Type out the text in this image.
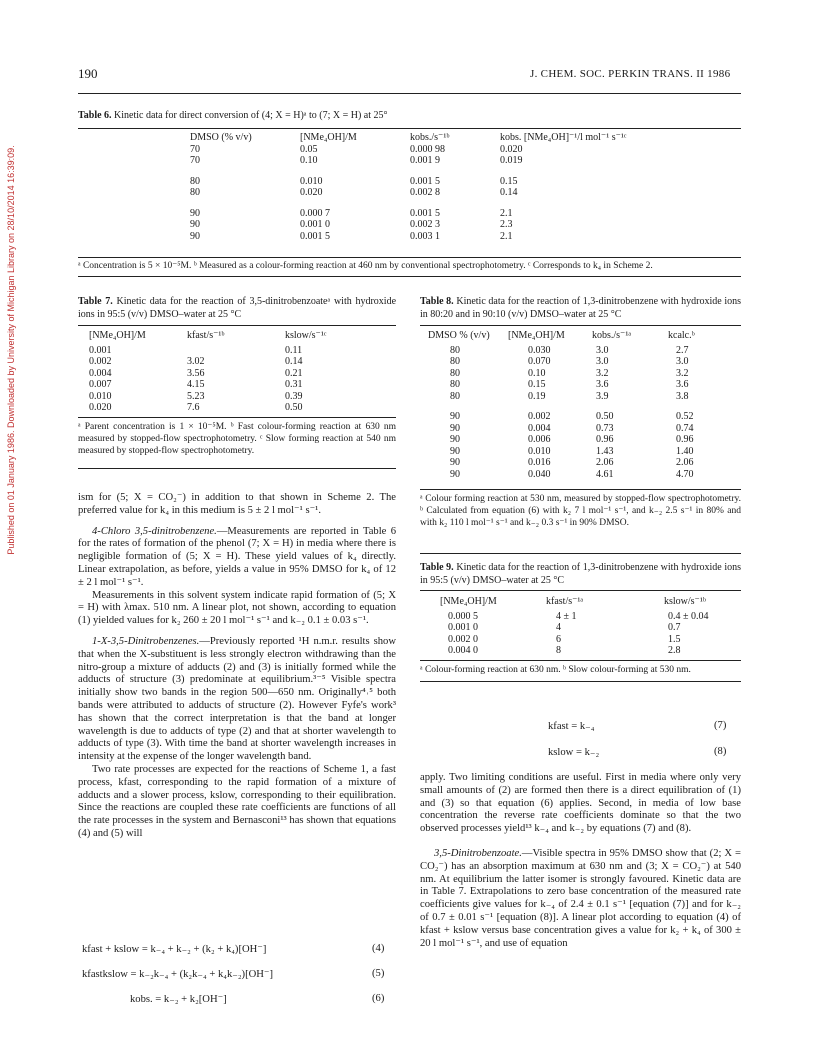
190	J. CHEM. SOC. PERKIN TRANS. II 1986
Published on 01 January 1986. Downloaded by University of Michigan Library on 28/10/2014 16:39:09.
Table 6. Kinetic data for direct conversion of (4; X = H)ᵃ to (7; X = H) at 25°
DMSO (% v/v)	[NMe₄OH]/M	kobs./s⁻¹ᵇ	kobs. [NMe₄OH]⁻¹/l mol⁻¹ s⁻¹ᶜ
70	0.05	0.000 98	0.020
70	0.10	0.001 9	0.019

80	0.010	0.001 5	0.15
80	0.020	0.002 8	0.14

90	0.000 7	0.001 5	2.1
90	0.001 0	0.002 3	2.3
90	0.001 5	0.003 1	2.1
ᵃ Concentration is 5 × 10⁻⁵M. ᵇ Measured as a colour-forming reaction at 460 nm by conventional spectrophotometry. ᶜ Corresponds to k₄ in Scheme 2.
Table 7. Kinetic data for the reaction of 3,5-dinitrobenzoateᵃ with hydroxide ions in 95:5 (v/v) DMSO–water at 25 °C
[NMe₄OH]/M	kfast/s⁻¹ᵇ	kslow/s⁻¹ᶜ

0.001		0.11
0.002	3.02	0.14
0.004	3.56	0.21
0.007	4.15	0.31
0.010	5.23	0.39
0.020	7.6	0.50
ᵃ Parent concentration is 1 × 10⁻⁵M. ᵇ Fast colour-forming reaction at 630 nm measured by stopped-flow spectrophotometry. ᶜ Slow forming reaction at 540 nm measured by stopped-flow spectrophotometry.
Table 8. Kinetic data for the reaction of 1,3-dinitrobenzene with hydroxide ions in 80:20 and in 90:10 (v/v) DMSO–water at 25 °C
DMSO % (v/v)	[NMe₄OH]/M	kobs./s⁻¹ᵃ	kcalc.ᵇ

80	0.030	3.0	2.7
80	0.070	3.0	3.0
80	0.10	3.2	3.2
80	0.15	3.6	3.6
80	0.19	3.9	3.8

90	0.002	0.50	0.52
90	0.004	0.73	0.74
90	0.006	0.96	0.96
90	0.010	1.43	1.40
90	0.016	2.06	2.06
90	0.040	4.61	4.70
ᵃ Colour forming reaction at 530 nm, measured by stopped-flow spectrophotometry. ᵇ Calculated from equation (6) with k₂ 7 l mol⁻¹ s⁻¹, and k₋₂ 2.5 s⁻¹ in 80% and with k₂ 110 l mol⁻¹ s⁻¹ and k₋₂ 0.3 s⁻¹ in 90% DMSO.
Table 9. Kinetic data for the reaction of 1,3-dinitrobenzene with hydroxide ions in 95:5 (v/v) DMSO–water at 25 °C
[NMe₄OH]/M	kfast/s⁻¹ᵃ	kslow/s⁻¹ᵇ

0.000 5	4 ± 1	0.4 ± 0.04
0.001 0	4	0.7
0.002 0	6	1.5
0.004 0	8	2.8
ᵃ Colour-forming reaction at 630 nm. ᵇ Slow colour-forming at 530 nm.

ism for (5; X = CO₂⁻) in addition to that shown in Scheme 2. The preferred value for k₄ in this medium is 5 ± 2 l mol⁻¹ s⁻¹.

4-Chloro 3,5-dinitrobenzene.—Measurements are reported in Table 6 for the rates of formation of the phenol (7; X = H) in media where there is negligible formation of (5; X = H). These yield values of k₄ directly. Linear extrapolation, as before, yields a value in 95% DMSO for k₄ of 12 ± 2 l mol⁻¹ s⁻¹.

Measurements in this solvent system indicate rapid formation of (5; X = H) with λmax. 510 nm. A linear plot, not shown, according to equation (1) yielded values for k₂ 260 ± 20 l mol⁻¹ s⁻¹ and k₋₂ 0.1 ± 0.03 s⁻¹.

1-X-3,5-Dinitrobenzenes.—Previously reported ¹H n.m.r. results show that when the X-substituent is less strongly electron withdrawing than the nitro-group a mixture of adducts (2) and (3) is initially formed while the adducts of structure (3) predominate at equilibrium.³⁻⁵ Visible spectra initially show two bands in the region 500—650 nm. Originally⁴˒⁵ both bands were attributed to adducts of structure (2). However Fyfe's work³ has shown that the correct interpretation is that the band at longer wavelength is due to adducts of type (2) and that at shorter wavelength to adducts of type (3). With time the band at shorter wavelength increases in intensity at the expense of the longer wavelength band.

Two rate processes are expected for the reactions of Scheme 1, a fast process, kfast, corresponding to the rapid formation of a mixture of adducts and a slower process, kslow, corresponding to their equilibration. Since the reactions are coupled these rate coefficients are functions of all the rate processes in the system and Bernasconi¹³ has shown that equations (4) and (5) will

kfast + kslow = k₋₄ + k₋₂ + (k₂ + k₄)[OH⁻]	(4)
kfastkslow = k₋₂k₋₄ + (k₂k₋₄ + k₄k₋₂)[OH⁻]	(5)
kobs. = k₋₂ + k₂[OH⁻]	(6)
kfast = k₋₄	(7)
kslow = k₋₂	(8)

apply. Two limiting conditions are useful. First in media where only very small amounts of (2) are formed then there is a direct equilibration of (1) and (3) so that equation (6) applies. Second, in media of low base concentration the reverse rate coefficients dominate so that the two observed processes yield¹³ k₋₄ and k₋₂ by equations (7) and (8).

3,5-Dinitrobenzoate.—Visible spectra in 95% DMSO show that (2; X = CO₂⁻) has an absorption maximum at 630 nm and (3; X = CO₂⁻) at 540 nm. At equilibrium the latter isomer is strongly favoured. Kinetic data are in Table 7. Extrapolations to zero base concentration of the measured rate coefficients give values for k₋₄ of 2.4 ± 0.1 s⁻¹ [equation (7)] and for k₋₂ of 0.7 ± 0.01 s⁻¹ [equation (8)]. A linear plot according to equation (4) of kfast + kslow versus base concentration gives a value for k₂ + k₄ of 300 ± 20 l mol⁻¹ s⁻¹, and use of equation
